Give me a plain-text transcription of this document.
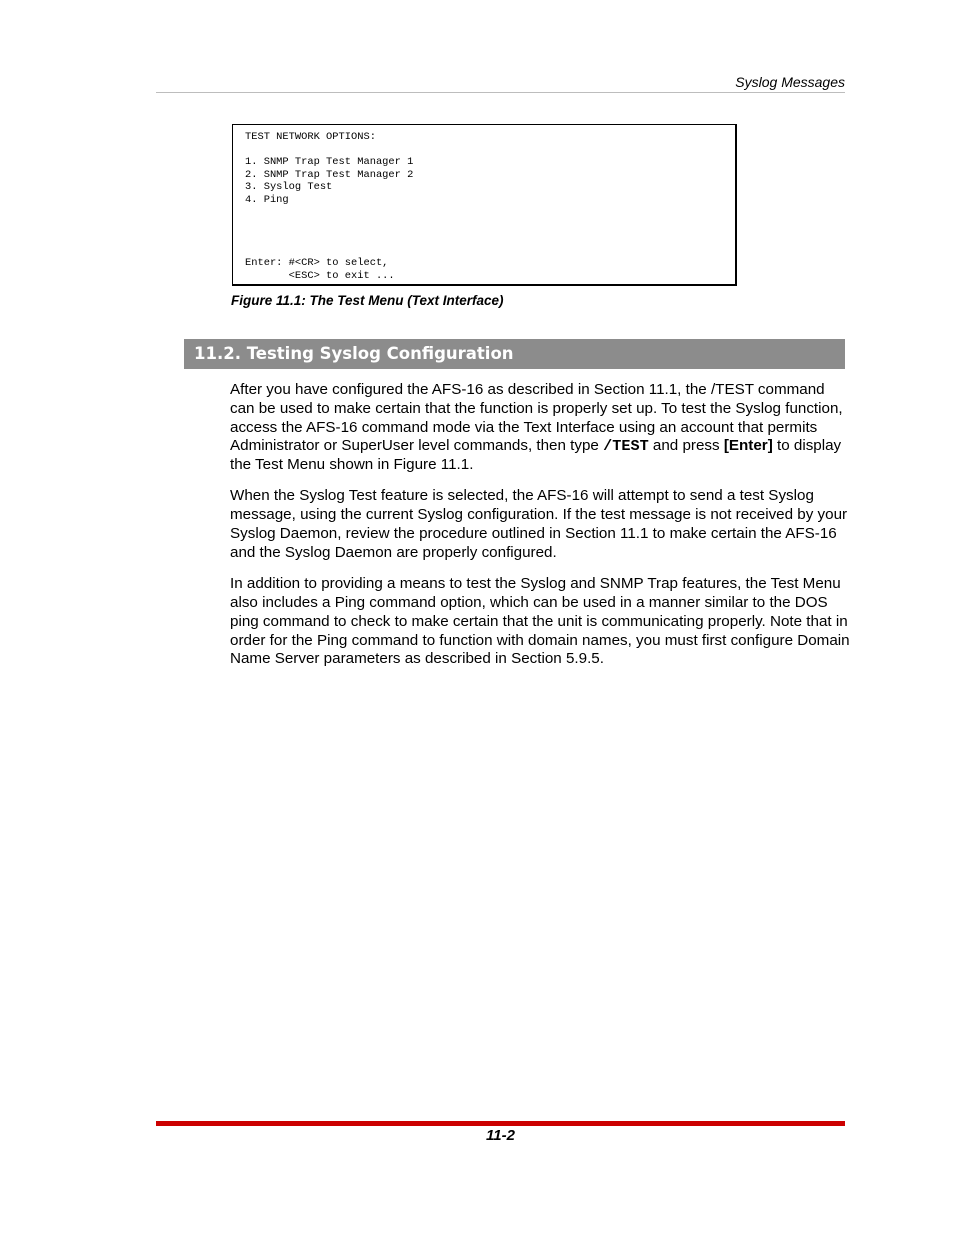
Syslog Messages
TEST NETWORK OPTIONS:

1. SNMP Trap Test Manager 1
2. SNMP Trap Test Manager 2
3. Syslog Test
4. Ping

Enter: #<CR> to select,
<ESC> to exit ...
Figure 11.1: The Test Menu (Text Interface)
11.2. Testing Syslog Configuration

After you have configured the AFS-16 as described in Section 11.1, the /TEST command can be used to make certain that the function is properly set up. To test the Syslog function, access the AFS-16 command mode via the Text Interface using an account that permits Administrator or SuperUser level commands, then type /TEST and press [Enter] to display the Test Menu shown in Figure 11.1.

When the Syslog Test feature is selected, the AFS-16 will attempt to send a test Syslog message, using the current Syslog configuration. If the test message is not received by your Syslog Daemon, review the procedure outlined in Section 11.1 to make certain the AFS-16 and the Syslog Daemon are properly configured.

In addition to providing a means to test the Syslog and SNMP Trap features, the Test Menu also includes a Ping command option, which can be used in a manner similar to the DOS ping command to check to make certain that the unit is communicating properly. Note that in order for the Ping command to function with domain names, you must first configure Domain Name Server parameters as described in Section 5.9.5.

11-2
